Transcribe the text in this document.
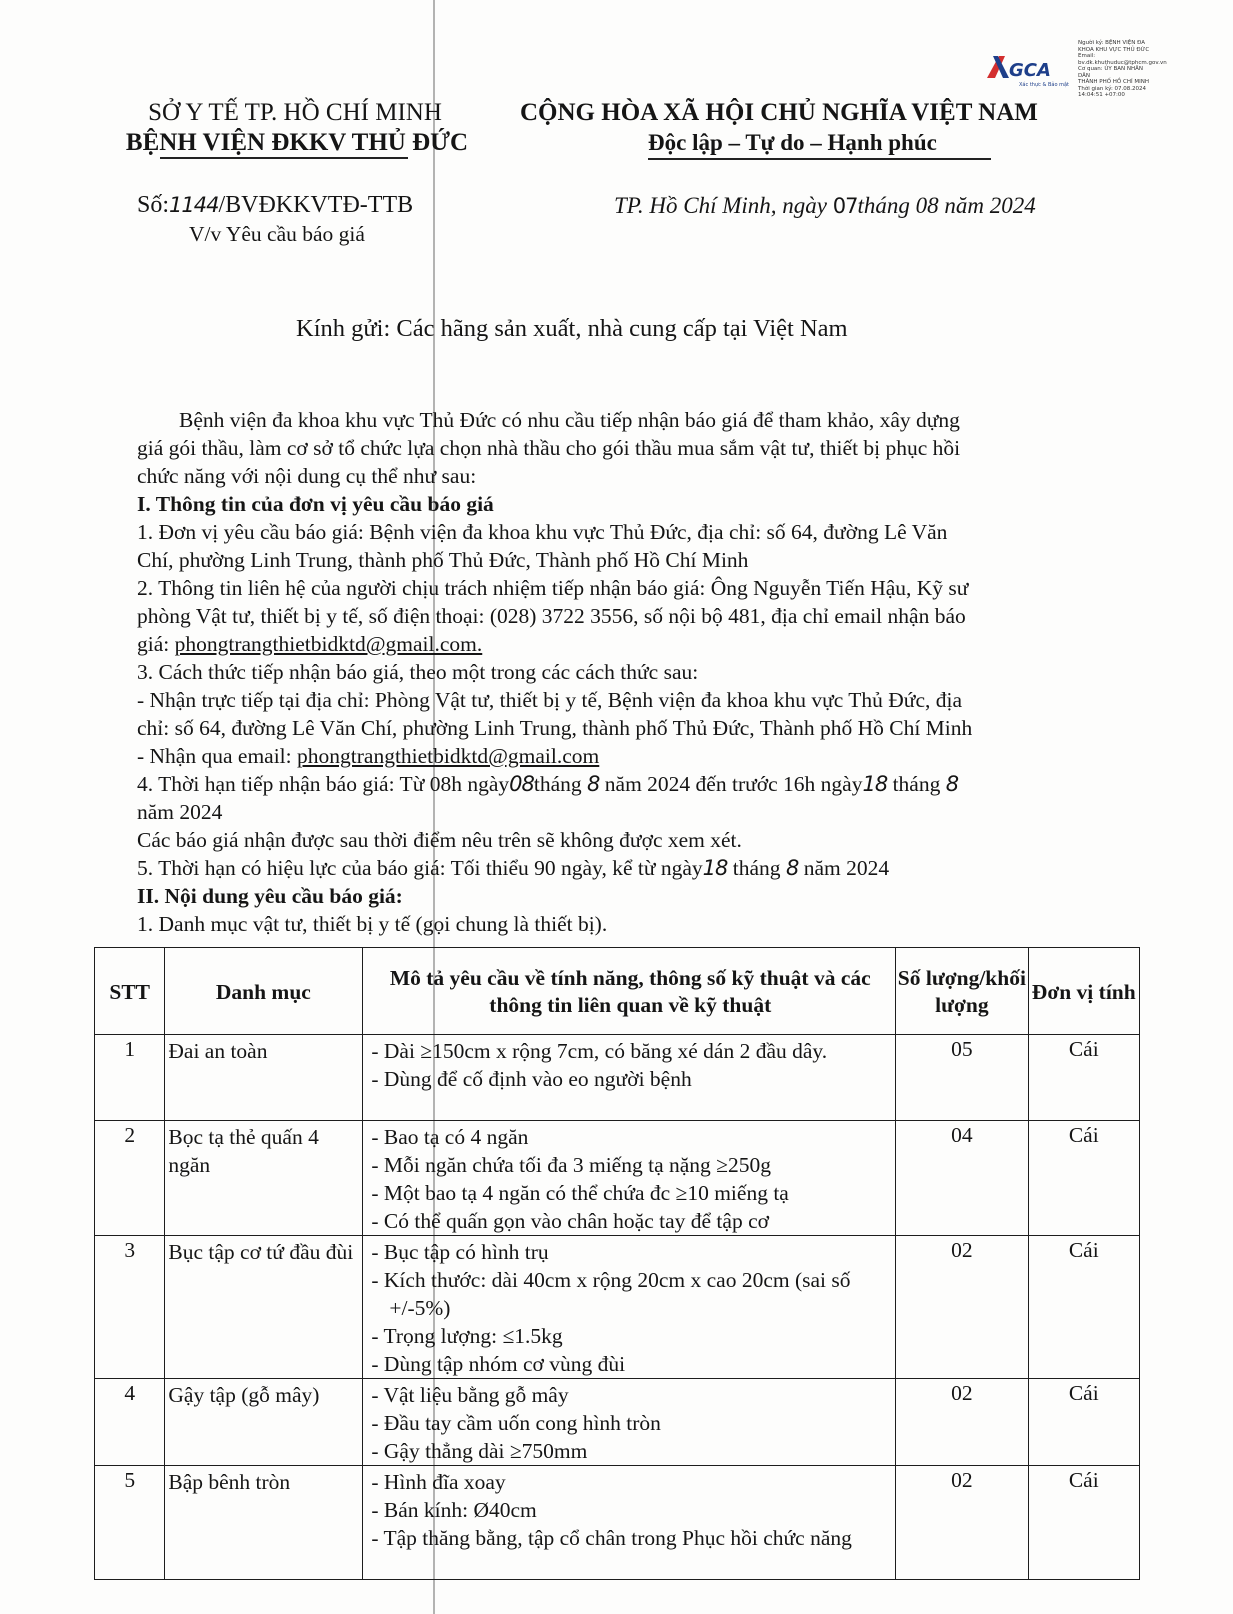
GCA
Xác thực & Bảo mật
Người ký: BỆNH VIỆN ĐA
KHOA KHU VỰC THỦ ĐỨC
Email:
bv.dk.khuthuduc@tphcm.gov.vn
Cơ quan: ỦY BAN NHÂN DÂN
THÀNH PHỐ HỒ CHÍ MINH
Thời gian ký: 07.08.2024
14:04:51 +07:00
SỞ Y TẾ TP. HỒ CHÍ MINH
BỆNH VIỆN ĐKKV THỦ ĐỨC
CỘNG HÒA XÃ HỘI CHỦ NGHĨA VIỆT NAM
Độc lập – Tự do – Hạnh phúc
Số:1144/BVĐKKVTĐ-TTB
V/v Yêu cầu báo giá
TP. Hồ Chí Minh, ngày 07tháng 08 năm 2024
Kính gửi: Các hãng sản xuất, nhà cung cấp tại Việt Nam
Bệnh viện đa khoa khu vực Thủ Đức có nhu cầu tiếp nhận báo giá để tham khảo, xây dựng
giá gói thầu, làm cơ sở tổ chức lựa chọn nhà thầu cho gói thầu mua sắm vật tư, thiết bị phục hồi
chức năng với nội dung cụ thể như sau:
I. Thông tin của đơn vị yêu cầu báo giá
1. Đơn vị yêu cầu báo giá: Bệnh viện đa khoa khu vực Thủ Đức, địa chỉ: số 64, đường Lê Văn
Chí, phường Linh Trung, thành phố Thủ Đức, Thành phố Hồ Chí Minh
2. Thông tin liên hệ của người chịu trách nhiệm tiếp nhận báo giá: Ông Nguyễn Tiến Hậu, Kỹ sư
phòng Vật tư, thiết bị y tế, số điện thoại: (028) 3722 3556, số nội bộ 481, địa chỉ email nhận báo
giá: phongtrangthietbidktd@gmail.com.
3. Cách thức tiếp nhận báo giá, theo một trong các cách thức sau:
- Nhận trực tiếp tại địa chỉ: Phòng Vật tư, thiết bị y tế, Bệnh viện đa khoa khu vực Thủ Đức, địa
chỉ: số 64, đường Lê Văn Chí, phường Linh Trung, thành phố Thủ Đức, Thành phố Hồ Chí Minh
- Nhận qua email: phongtrangthietbidktd@gmail.com
4. Thời hạn tiếp nhận báo giá: Từ 08h ngày08tháng 8 năm 2024 đến trước 16h ngày18 tháng 8
năm 2024
Các báo giá nhận được sau thời điểm nêu trên sẽ không được xem xét.
5. Thời hạn có hiệu lực của báo giá: Tối thiểu 90 ngày, kể từ ngày18 tháng 8 năm 2024
II. Nội dung yêu cầu báo giá:
1. Danh mục vật tư, thiết bị y tế (gọi chung là thiết bị).
STT	Danh mục	Mô tả yêu cầu về tính năng, thông số kỹ thuật và các thông tin liên quan về kỹ thuật	Số lượng/khối lượng	Đơn vị tính
1	Đai an toàn	- Dài ≥150cm x rộng 7cm, có băng xé dán 2 đầu dây.
- Dùng để cố định vào eo người bệnh	05	Cái
2	Bọc tạ thẻ quấn 4 ngăn	- Bao tạ có 4 ngăn
- Mỗi ngăn chứa tối đa 3 miếng tạ nặng ≥250g
- Một bao tạ 4 ngăn có thể chứa đc ≥10 miếng tạ
- Có thể quấn gọn vào chân hoặc tay để tập cơ	04	Cái
3	Bục tập cơ tứ đầu đùi	- Bục tập có hình trụ
- Kích thước: dài 40cm x rộng 20cm x cao 20cm (sai số +/-5%)
- Trọng lượng: ≤1.5kg
- Dùng tập nhóm cơ vùng đùi	02	Cái
4	Gậy tập (gỗ mây)	- Vật liệu bằng gỗ mây
- Đầu tay cầm uốn cong hình tròn
- Gậy thẳng dài ≥750mm	02	Cái
5	Bập bênh tròn	- Hình đĩa xoay
- Bán kính: Ø40cm
- Tập thăng bằng, tập cổ chân trong Phục hồi chức năng	02	Cái
